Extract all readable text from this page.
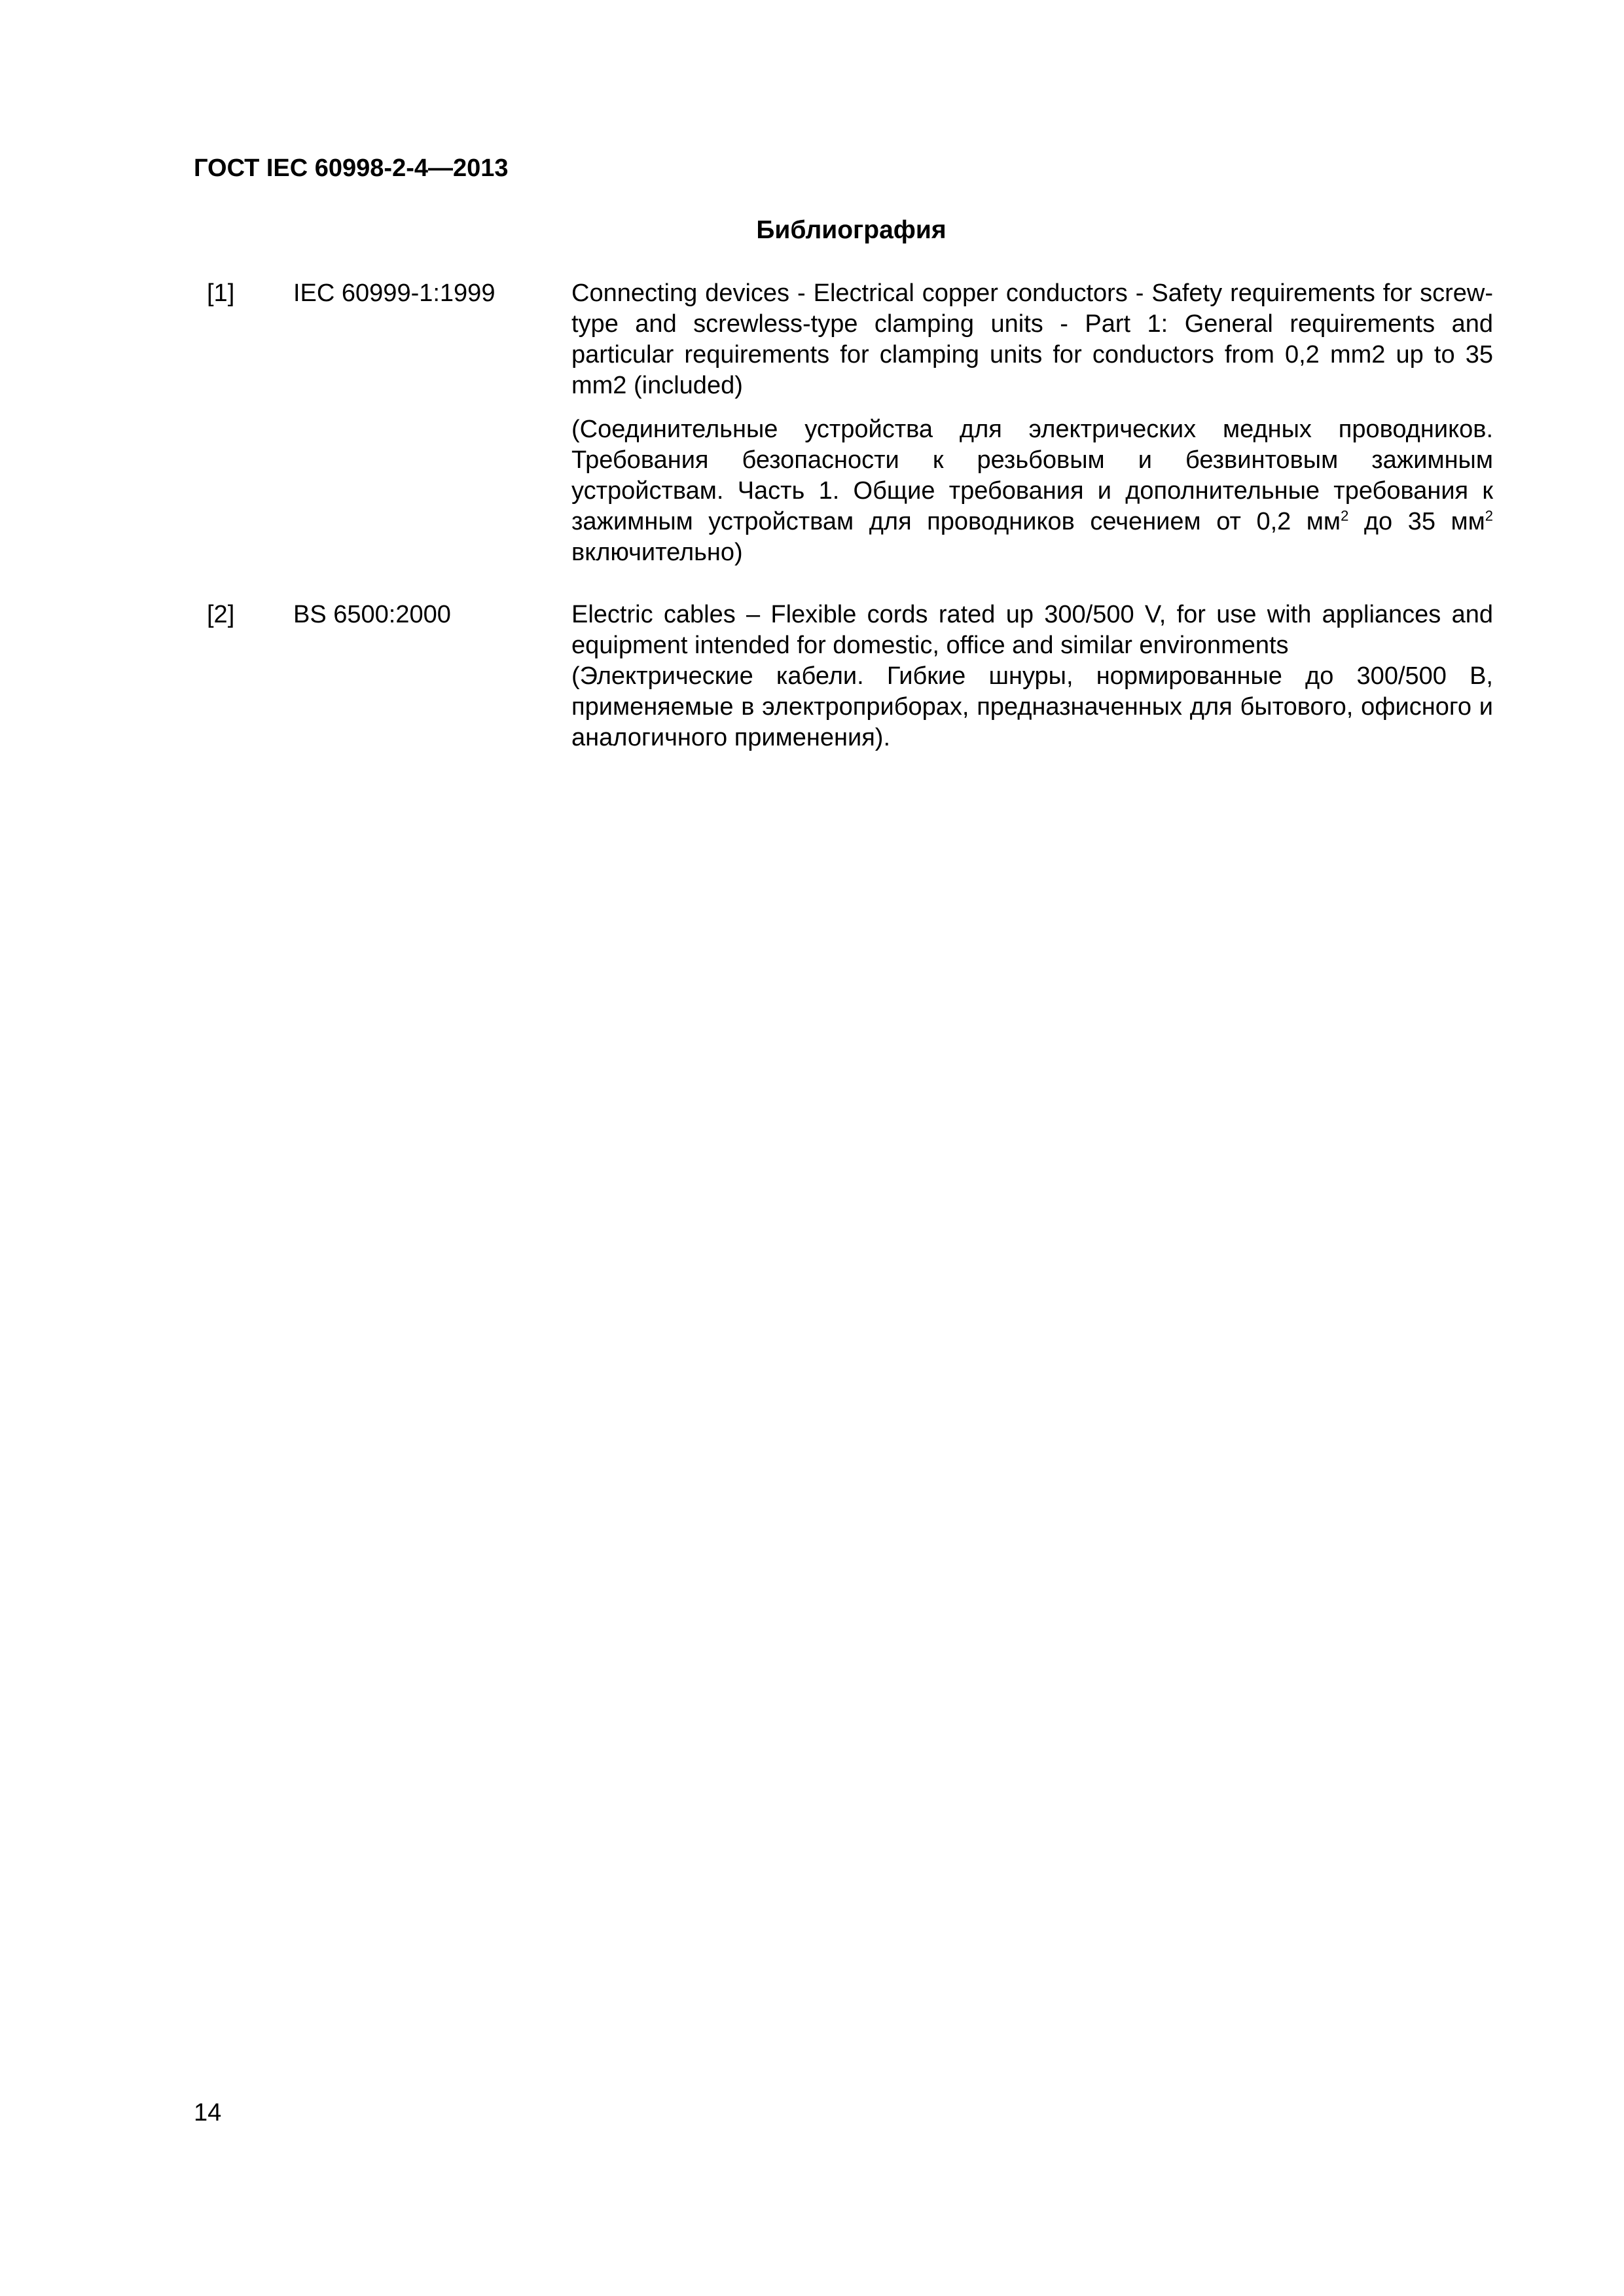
ГОСТ IEC 60998-2-4—2013
Библиография
[1]	IEC 60999-1:1999	Connecting devices - Electrical copper conductors - Safety requirements for screw-type and screwless-type clamping units - Part 1: General requirements and particular requirements for clamping units for conductors from 0,2 mm2 up to 35 mm2 (included)

(Соединительные устройства для электрических медных проводников. Требования безопасности к резьбовым и безвинтовым зажимным устройствам. Часть 1. Общие требования и дополнительные требования к зажимным устройствам для проводников сечением от 0,2 $мм^2$ до 35 $мм^2$ включительно)

[2]	BS 6500:2000	Electric cables – Flexible cords rated up 300/500 V, for use with appliances and equipment intended for domestic, office and similar environments

(Электрические кабели. Гибкие шнуры, нормированные до 300/500 В, применяемые в электроприборах, предназначенных для бытового, офисного и аналогичного применения).

14
